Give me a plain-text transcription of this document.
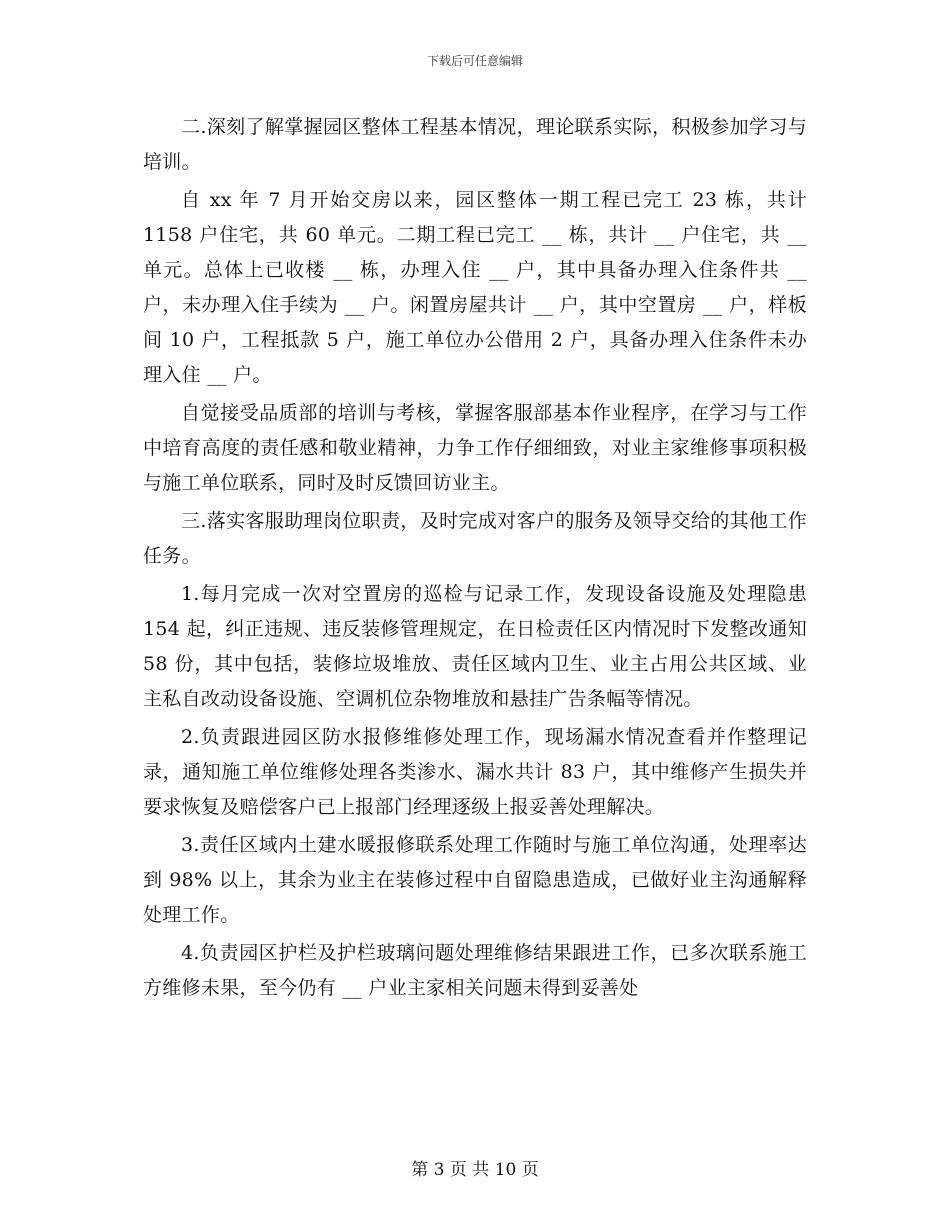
下载后可任意编辑

二.深刻了解掌握园区整体工程基本情况，理论联系实际，积极参加学习与培训。

自 xx 年 7 月开始交房以来，园区整体一期工程已完工 23 栋，共计 1158 户住宅，共 60 单元。二期工程已完工 __ 栋，共计 __ 户住宅，共 __ 单元。总体上已收楼 __ 栋，办理入住 __ 户，其中具备办理入住条件共 __ 户，未办理入住手续为 __ 户。闲置房屋共计 __ 户，其中空置房 __ 户，样板间 10 户，工程抵款 5 户，施工单位办公借用 2 户，具备办理入住条件未办理入住 __ 户。

自觉接受品质部的培训与考核，掌握客服部基本作业程序，在学习与工作中培育高度的责任感和敬业精神，力争工作仔细细致，对业主家维修事项积极与施工单位联系，同时及时反馈回访业主。

三.落实客服助理岗位职责，及时完成对客户的服务及领导交给的其他工作任务。

1.每月完成一次对空置房的巡检与记录工作，发现设备设施及处理隐患 154 起，纠正违规、违反装修管理规定，在日检责任区内情况时下发整改通知 58 份，其中包括，装修垃圾堆放、责任区域内卫生、业主占用公共区域、业主私自改动设备设施、空调机位杂物堆放和悬挂广告条幅等情况。

2.负责跟进园区防水报修维修处理工作，现场漏水情况查看并作整理记录，通知施工单位维修处理各类渗水、漏水共计 83 户，其中维修产生损失并要求恢复及赔偿客户已上报部门经理逐级上报妥善处理解决。

3.责任区域内土建水暖报修联系处理工作随时与施工单位沟通，处理率达到 98% 以上，其余为业主在装修过程中自留隐患造成，已做好业主沟通解释处理工作。

4.负责园区护栏及护栏玻璃问题处理维修结果跟进工作，已多次联系施工方维修未果，至今仍有 __ 户业主家相关问题未得到妥善处

第 3 页 共 10 页
